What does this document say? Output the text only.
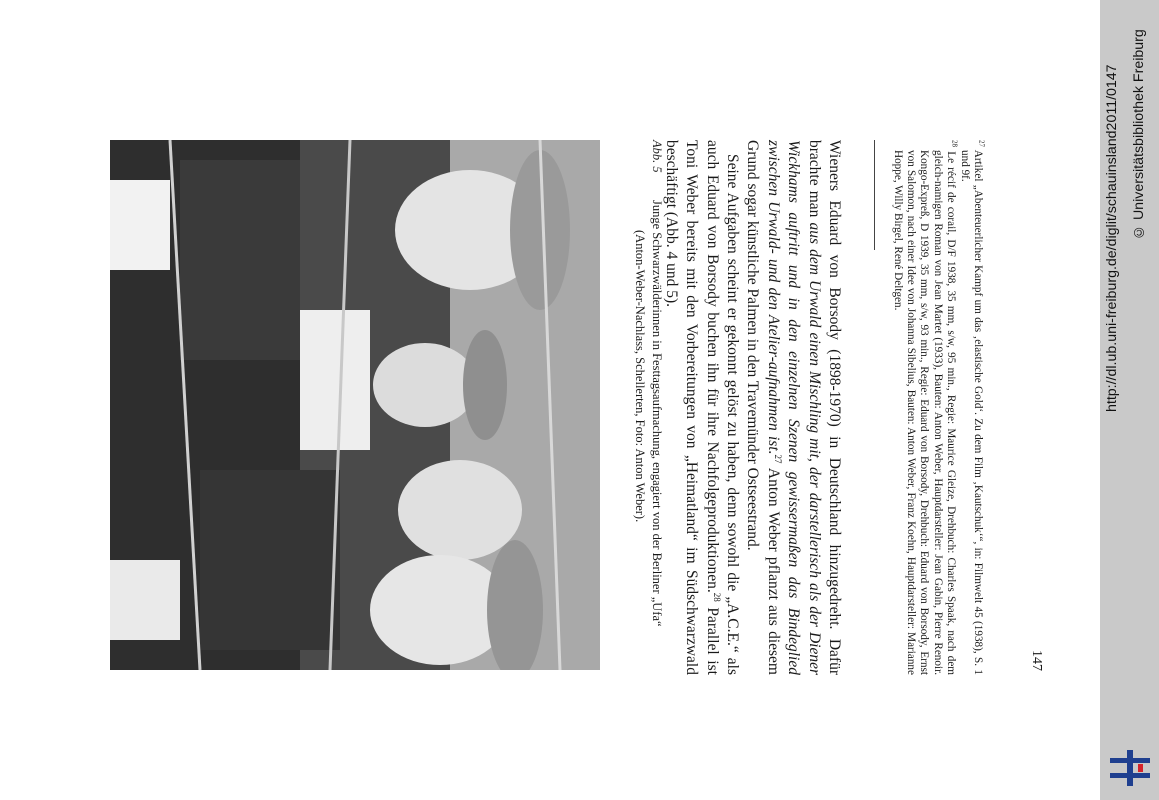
147

$^{27}$ Artikel „Abenteuerlicher Kampf um das ‚elastische Gold‘. Zu dem Film ‚Kautschuk‘“, in: Filmwelt 45 (1938), S. 1 und 9f.

$^{28}$ Le récif de corail, D/F 1938, 35 mm, s/w, 95 min., Regie: Maurice Gleize, Drehbuch: Charles Spaak, nach dem gleich-namigen Roman von Jean Martet (1933), Bauten: Anton Weber, Hauptdarsteller: Jean Gabin, Pierre Renoir. Kongo-Expreß, D 1939, 35 mm, s/w, 93 min., Regie: Eduard von Borsody, Drehbuch: Eduard von Borsody, Ernst von Salomon, nach einer Idee von Johanna Sibelius, Bauten: Anton Weber, Franz Koehn, Hauptdarsteller: Marianne Hoppe, Willy Birgel, René Deltgen.

Wieners Eduard von Borsody (1898-1970) in Deutschland hinzugedreht. Dafür brachte man aus dem Urwald einen Mischling mit, der darstellerisch als der Diener Wickhams auftritt und in den einzelnen Szenen gewissermaßen das Bindeglied zwischen Urwald- und den Atelier-aufnahmen ist.$^{27}$ Anton Weber pflanzt aus diesem Grund sogar künstliche Palmen in den Travemünder Ostseestrand.

Seine Aufgaben scheint er gekonnt gelöst zu haben, denn sowohl die „A.C.E.“ als auch Eduard von Borsody buchen ihn für ihre Nachfolgeproduktionen.$^{28}$ Parallel ist Toni Weber bereits mit den Vorbereitungen von „Heimatland“ im Südschwarzwald beschäftigt (Abb. 4 und 5).

Abb. 5Junge Schwarzwälderinnen in Festtagsaufmachung, engagiert von der Berliner „Ufa“
(Anton-Weber-Nachlass, Schellerten, Foto: Anton Weber).	http://dl.ub.uni-freiburg.de/diglit/schauinsland2011/0147 © Universitätsbibliothek Freiburg
